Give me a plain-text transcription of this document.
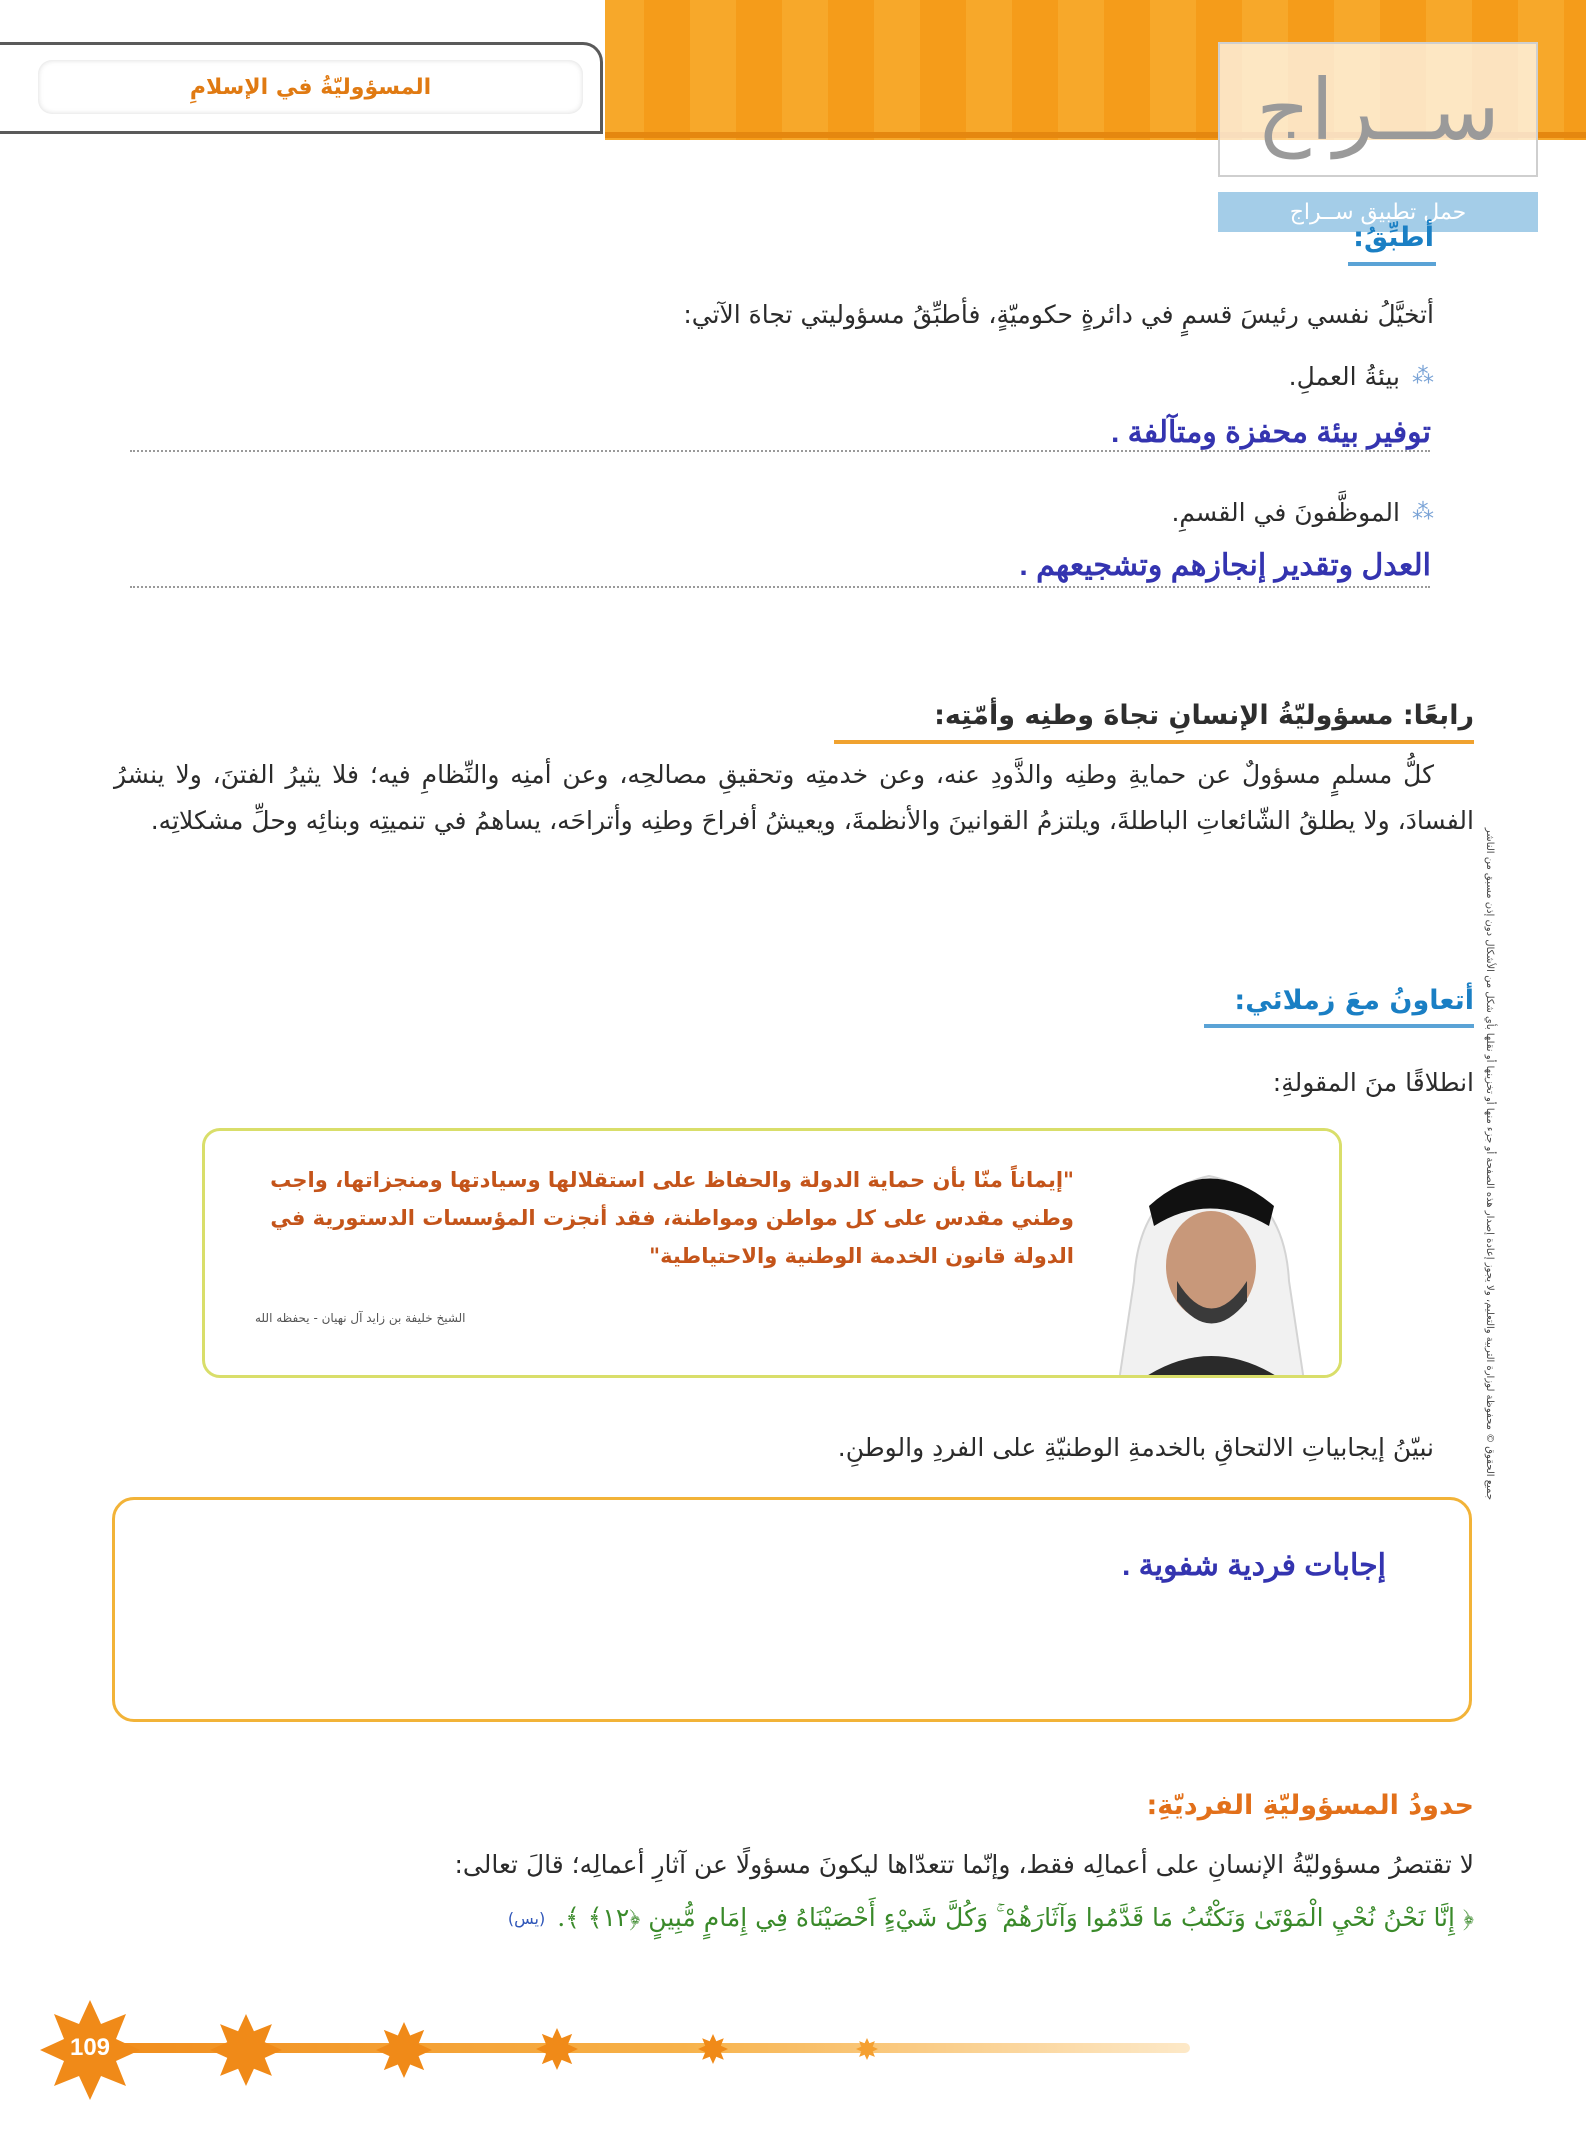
المسؤوليّةُ في الإسلامِ	ســراج
حمل تطبيق ســراج
أطبِّقُ:
أتخيَّلُ نفسي رئيسَ قسمٍ في دائرةٍ حكوميّةٍ، فأطبِّقُ مسؤوليتي تجاهَ الآتي:
⁂
بيئةُ العملِ.
توفير بيئة محفزة ومتآلفة .
⁂
الموظَّفونَ في القسمِ.
العدل وتقدير إنجازهم وتشجيعهم .
رابعًا: مسؤوليّةُ الإنسانِ تجاهَ وطنِه وأمّتِه:
كلُّ مسلمٍ مسؤولٌ عن حمايةِ وطنِه والذَّودِ عنه، وعن خدمتِه وتحقيقِ مصالحِه، وعن أمنِه والنِّظامِ فيه؛ فلا يثيرُ الفتنَ، ولا ينشرُ الفسادَ، ولا يطلقُ الشّائعاتِ الباطلةَ، ويلتزمُ القوانينَ والأنظمةَ، ويعيشُ أفراحَ وطنِه وأتراحَه، يساهمُ في تنميتِه وبنائِه وحلِّ مشكلاتِه.
أتعاونُ معَ زملائي:
انطلاقًا منَ المقولةِ:
"إيماناً منّا بأن حماية الدولة والحفاظ على استقلالها وسيادتها ومنجزاتها، واجب وطني مقدس على كل مواطن ومواطنة، فقد أنجزت المؤسسات الدستورية في الدولة قانون الخدمة الوطنية والاحتياطية"
الشيخ خليفة بن زايد آل نهيان - يحفظه الله
نبيّنُ إيجابياتِ الالتحاقِ بالخدمةِ الوطنيّةِ على الفردِ والوطنِ.
إجابات فردية شفوية .
حدودُ المسؤوليّةِ الفرديّةِ:
لا تقتصرُ مسؤوليّةُ الإنسانِ على أعمالِه فقط، وإنّما تتعدّاها ليكونَ مسؤولًا عن آثارِ أعمالِه؛ قالَ تعالى:
﴿ إِنَّا نَحْنُ نُحْيِ الْمَوْتَىٰ وَنَكْتُبُ مَا قَدَّمُوا وَآثَارَهُمْ ۚ وَكُلَّ شَيْءٍ أَحْصَيْنَاهُ فِي إِمَامٍ مُّبِينٍ ﴿١٢﴾ ﴾.
(يس)
جميع الحقوق © محفوظة لوزارة التربية والتعليم، ولا يجوز إعادة إصدار هذه الصفحة أو جزء منها أو تخزينها أو نقلها بأي شكل من الأشكال دون إذن مسبق من الناشر
109
